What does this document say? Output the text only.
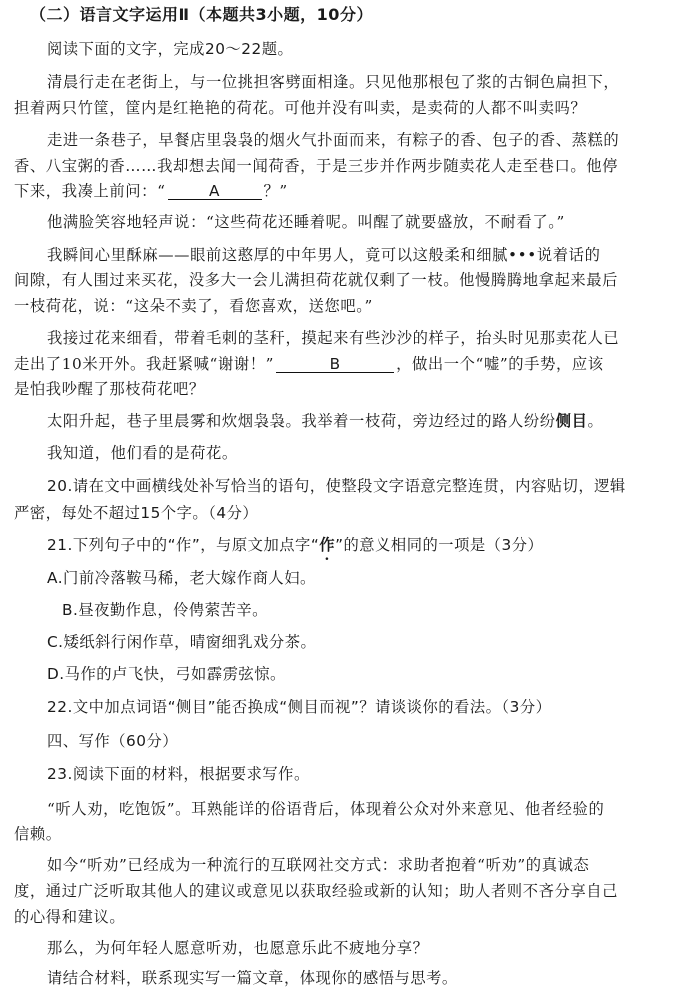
（二）语言文字运用Ⅱ（本题共3小题，10分）
阅读下面的文字，完成20～22题。
清晨行走在老街上，与一位挑担客劈面相逢。只见他那根包了浆的古铜色扁担下，
担着两只竹筐，筐内是红艳艳的荷花。可他并没有叫卖，是卖荷的人都不叫卖吗？
走进一条巷子，早餐店里袅袅的烟火气扑面而来，有粽子的香、包子的香、蒸糕的
香、八宝粥的香……我却想去闻一闻荷香，于是三步并作两步随卖花人走至巷口。他停
下来，我凑上前问：“	A	？”
他满脸笑容地轻声说：“这些荷花还睡着呢。叫醒了就要盛放，不耐看了。”
我瞬间心里酥麻——眼前这憨厚的中年男人，竟可以这般柔和细腻•••说着话的
间隙，有人围过来买花，没多大一会儿满担荷花就仅剩了一枝。他慢腾腾地拿起来最后
一枝荷花，说：“这朵不卖了，看您喜欢，送您吧。”
我接过花来细看，带着毛刺的茎秆，摸起来有些沙沙的样子，抬头时见那卖花人已
走出了10米开外。我赶紧喊“谢谢！”	B	，做出一个“嘘”的手势，应该
是怕我吵醒了那枝荷花吧？
太阳升起，巷子里晨雾和炊烟袅袅。我举着一枝荷，旁边经过的路人纷纷侧目。
我知道，他们看的是荷花。
20.请在文中画横线处补写恰当的语句，使整段文字语意完整连贯，内容贴切，逻辑
严密，每处不超过15个字。（4分）
21.下列句子中的“作”，与原文加点字“作”的意义相同的一项是（3分）
A.门前冷落鞍马稀，老大嫁作商人妇。
B.昼夜勤作息，伶俜萦苦辛。
C.矮纸斜行闲作草，晴窗细乳戏分茶。
D.马作的卢飞快，弓如霹雳弦惊。
22.文中加点词语“侧目”能否换成“侧目而视”？请谈谈你的看法。（3分）
四、写作（60分）
23.阅读下面的材料，根据要求写作。
“听人劝，吃饱饭”。耳熟能详的俗语背后，体现着公众对外来意见、他者经验的
信赖。
如今“听劝”已经成为一种流行的互联网社交方式：求助者抱着“听劝”的真诚态
度，通过广泛听取其他人的建议或意见以获取经验或新的认知；助人者则不吝分享自己
的心得和建议。
那么，为何年轻人愿意听劝，也愿意乐此不疲地分享？
请结合材料，联系现实写一篇文章，体现你的感悟与思考。
